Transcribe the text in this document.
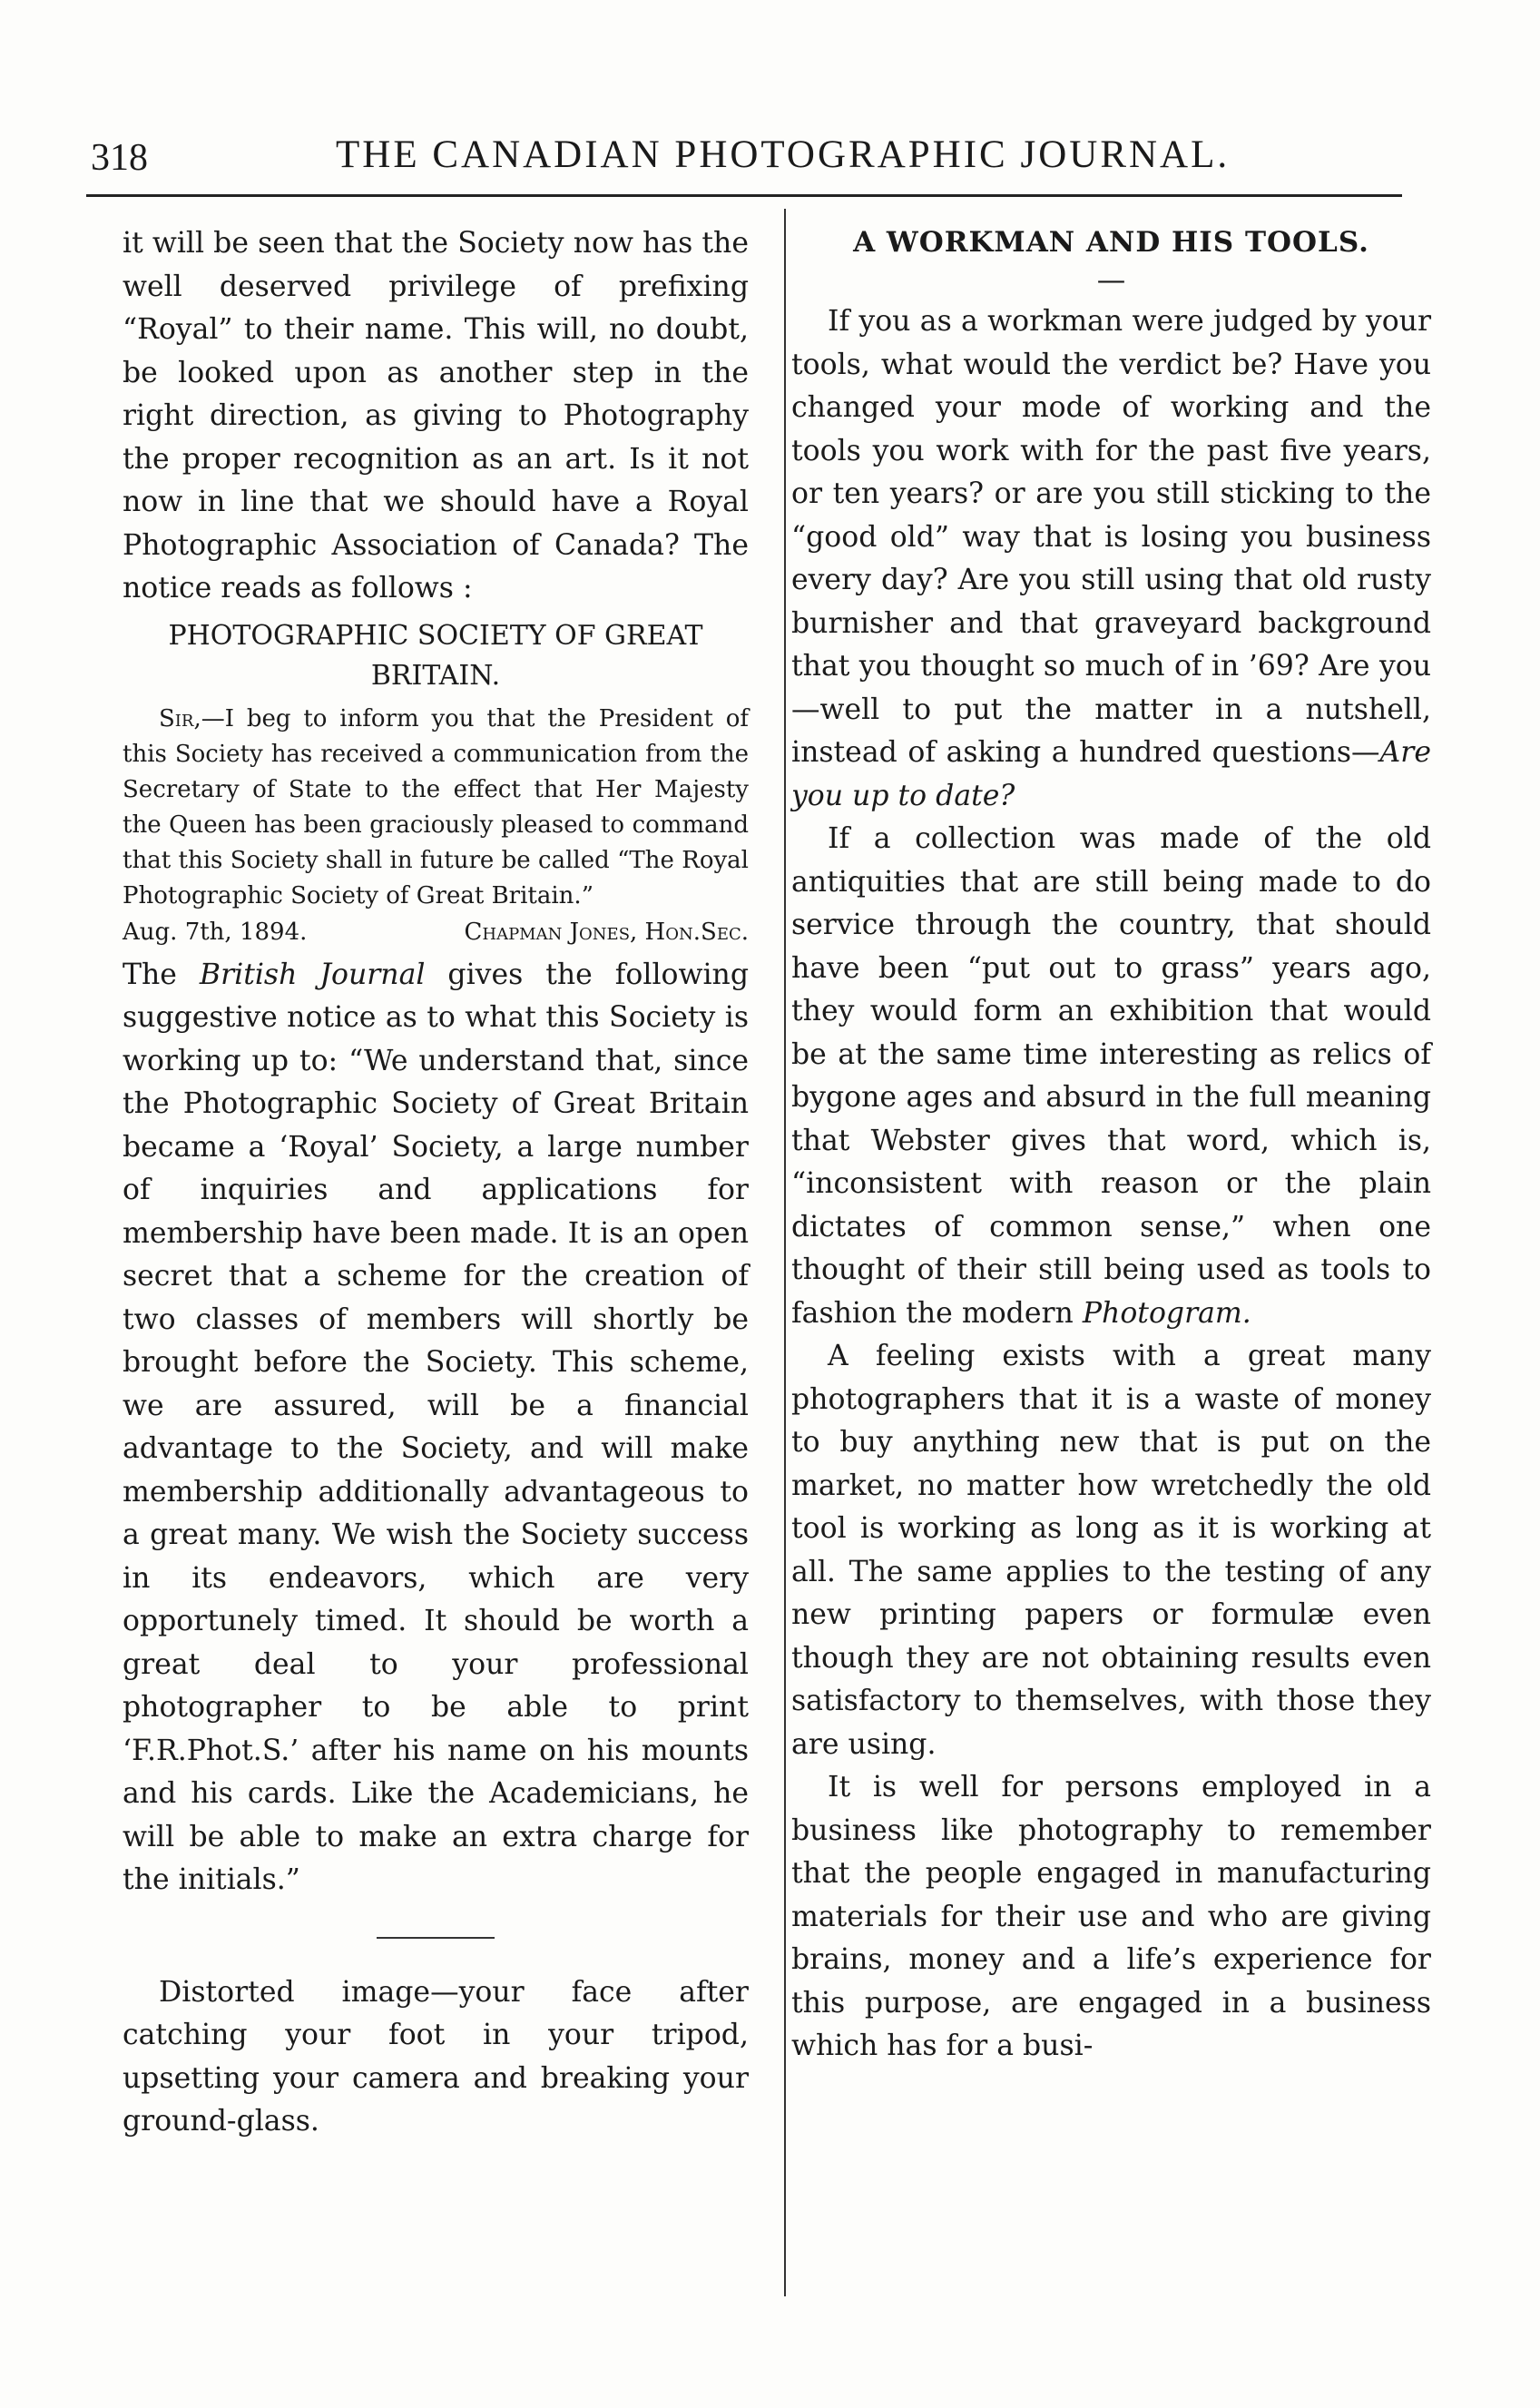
318	THE CANADIAN PHOTOGRAPHIC JOURNAL.

it will be seen that the Society now has the well deserved privilege of prefixing “Royal” to their name. This will, no doubt, be looked upon as another step in the right direction, as giving to Photography the proper recognition as an art. Is it not now in line that we should have a Royal Photographic Association of Canada? The notice reads as follows :

PHOTOGRAPHIC SOCIETY OF GREAT BRITAIN.

Sir,—I beg to inform you that the President of this Society has received a communication from the Secretary of State to the effect that Her Majesty the Queen has been graciously pleased to command that this Society shall in future be called “The Royal Photographic Society of Great Britain.”

Aug. 7th, 1894.	Chapman Jones, Hon.Sec.

The British Journal gives the following suggestive notice as to what this Society is working up to: “We understand that, since the Photographic Society of Great Britain became a ‘Royal’ Society, a large number of inquiries and applications for membership have been made. It is an open secret that a scheme for the creation of two classes of members will shortly be brought before the Society. This scheme, we are assured, will be a financial advantage to the Society, and will make membership additionally advantageous to a great many. We wish the Society success in its endeavors, which are very opportunely timed. It should be worth a great deal to your professional photographer to be able to print ‘F.R.Phot.S.’ after his name on his mounts and his cards. Like the Academicians, he will be able to make an extra charge for the initials.”

Distorted image—your face after catching your foot in your tripod, upsetting your camera and breaking your ground-glass.

A WORKMAN AND HIS TOOLS.
—

If you as a workman were judged by your tools, what would the verdict be? Have you changed your mode of working and the tools you work with for the past five years, or ten years? or are you still sticking to the “good old” way that is losing you business every day? Are you still using that old rusty burnisher and that graveyard background that you thought so much of in ’69? Are you—well to put the matter in a nutshell, instead of asking a hundred questions—Are you up to date?

If a collection was made of the old antiquities that are still being made to do service through the country, that should have been “put out to grass” years ago, they would form an exhibition that would be at the same time interesting as relics of bygone ages and absurd in the full meaning that Webster gives that word, which is, “inconsistent with reason or the plain dictates of common sense,” when one thought of their still being used as tools to fashion the modern Photogram.

A feeling exists with a great many photographers that it is a waste of money to buy anything new that is put on the market, no matter how wretchedly the old tool is working as long as it is working at all. The same applies to the testing of any new printing papers or formulæ even though they are not obtaining results even satisfactory to themselves, with those they are using.

It is well for persons employed in a business like photography to remember that the people engaged in manufacturing materials for their use and who are giving brains, money and a life’s experience for this purpose, are engaged in a business which has for a busi-
